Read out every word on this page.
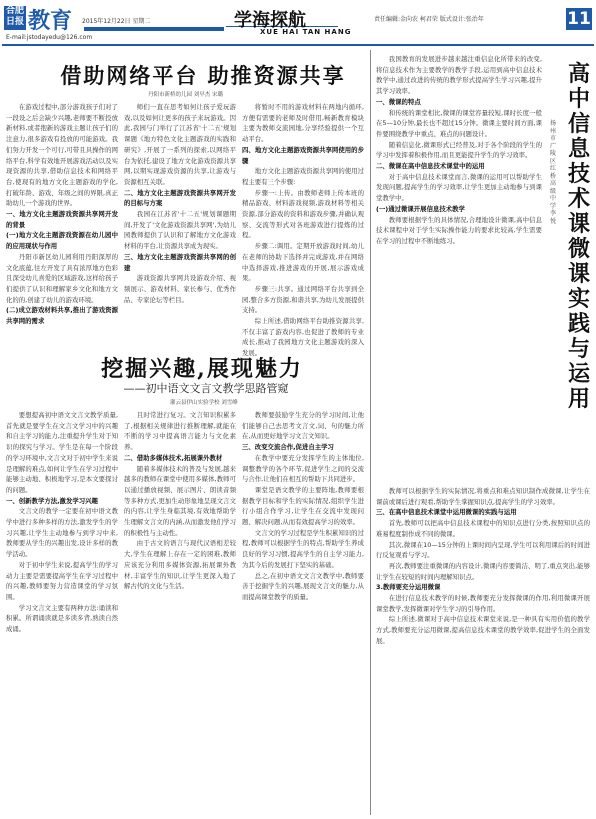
合肥日报 教育 2015年12月22日 星期二
E-mail:jstodayedu@126.com
学海探航
XUE HAI TAN HANG
责任编辑:金向农 柯君荣 版式设计:张治年	11
借助网络平台 助推资源共享
丹阳市新桥幼儿园 刘早杰 宋璐

在游戏过程中,部分游戏孩子们对了一段设之后会缺少兴趣,老师要不断投放新材料,或者抱新的游戏主题让孩子们的注意力,很多游戏有投放的可能游戏。我们努力开发一个可行,可带且具操作的网络平台,科学有效地开展游戏活动以及实现资源的共享,借助信息技术和网络平台,使现有的地方文化主题游戏的学化,打破年龄、游戏、年级之间的界限,真正助幼儿一个游戏的世界。

一、地方文化主题游戏资源共享网开发的背景

(一)地方文化主题游戏资源在幼儿园中的应用现状与作用

丹阳市新区幼儿园利用丹阳深厚的文化底蕴,往左开发了具有浓厚地方色彩且深受幼儿喜爱的区域游戏,这样给孩子们提供了认识和理解家乡文化和地方文化的的,创建了幼儿的游戏环境。

(二)成立游戏材料共享,推出了游戏资源共享网的需求

师们一直在思考如何让孩子爱玩游戏,以及如何让更多的孩子来玩游戏。因此,我园与门举行了江苏省'十二五'规划课题《地方特色文化主题游戏的实践和研究》,开展了一系列的探索,以网络平台为依托,建设了地方文化游戏资源共享网,以期实现游戏资源的共享,让游戏与资源相互关联。

二、地方文化主题游戏资源共享网开发的目标与方案

我园在江苏省'十二五'规划课题期间,开发了'文化游戏资源共享网',为幼儿园教师提供了认识和了解地方文化游戏材料的平台,让资源共享成为现实。

三、地方文化主题游戏资源共享网的创建

游戏资源共享网共设游戏介绍、视频展示、游戏材料、家长参与、优秀作品、专家论坛等栏目。

将暂时不用的游戏材料在两地内循环,方便有需要的老师及时借用,畅新教育模块主要为教师交流园地,分享经验提供一个互动平台。

四、地方文化主题游戏资源共享网使用的步骤

地方文化主题游戏资源共享网的使用过程主要有三个步骤:

步骤一:上传。由教师老师上传本班的精品游戏、材料游戏视频,游戏材料等相关资源,部分游戏的资料和游戏步骤,并确认观察、交流等形式对各班游戏进行提炼的过程。

步骤二:调用。定期开放游戏时间,幼儿在老师的协助下选择并完成游戏,并在网络中选择游戏,推进游戏的开展,展示游戏成果。

步骤三:共享。通过网络平台共享到全园,整合多方资源,和谐共享,为幼儿发展提供支持。

综上所述,借助网络平台助推资源共享,不仅丰富了游戏内容,也促进了教师的专业成长,推动了我园地方文化主题游戏的深入发展。

挖掘兴趣,展现魅力
——初中语文文言文教学思路管窥
灌云县伊山实验学校 刘雪峰

要想提高初中语文文言文教学质量,首先就是要学生在文言文学习中的兴趣和自主学习的能力,注重提升学生对于知识的探究与学习。学生是在每一个阶段的学习环境中,文言文对于初中学生来说是理解的难点,如何让学生在学习过程中能够主动地、积极地学习,是本文要探讨的问题。

一、创新教学方法,激发学习兴趣

文言文的教学一定要在初中语文教学中进行多种多样的方法,激发学生的学习兴趣,让学生主动地参与到学习中来,教师要从学生的兴趣出发,设计多样的教学活动。

对于初中学生来说,提高学生的学习动力主要是需要提高学生在学习过程中的兴趣,教师要努力营造课堂的学习氛围。

学习文言文主要有两种方法:诵读和积累。所谓诵读就是多读多背,熟读自然成诵。

且时常进行复习。文言知识积累多了,根据相关规律进行推断理解,就能在不断的学习中提高语言能力与文化素养。

二、借助多媒体技术,拓展课外教材

随着多媒体技术的普及与发展,越来越多的教师在课堂中使用多媒体,教师可以通过播放视频、展示图片、朗读音频等多种方式,更加生动形象地呈现文言文的内容,让学生身临其境,有效地帮助学生理解文言文的内涵,从而激发他们学习的积极性与主动性。

由于古文的语言与现代汉语相差较大,学生在理解上存在一定的困难,教师应该充分利用多媒体资源,拓展课外教材,丰富学生的知识,让学生更深入地了解古代的文化与生活。

教师要鼓励学生充分的学习时间,让他们能够自己去思考文言文,词、句的魅力所在,从而更好地学习文言文知识。

三、改变交流合作,促进自主学习

在教学中要充分发挥学生的主体地位,调整教学的各个环节,促进学生之间的交流与合作,让他们在相互的帮助下共同进步。

课堂是语文教学的主要阵地,教师要根据教学目标和学生的实际情况,组织学生进行小组合作学习,让学生在交流中发现问题、解决问题,从而有效提高学习的效率。

文言文的学习过程是学生积累知识的过程,教师可以根据学生的特点,帮助学生养成良好的学习习惯,提高学生的自主学习能力,为其今后的发展打下坚实的基础。

总之,在初中语文文言文教学中,教师要善于挖掘学生的兴趣,展现文言文的魅力,从而提高课堂教学的质量。

高中信息技术课微课实践与运用
扬州市广陵区红桥高级中学 李悦

我国教育的发展进步越来越注重信息化所带来的改变,将信息技术作为主要教学的教学手段,运用到高中信息技术教学中,通过改进的传统的教学形式提高学生学习兴趣,提升其学习效率。

一、微课的特点

和传统的课堂相比,微课的课堂容量较短,课时长度一般在5—10分钟,最长也不超过15分钟。微课主要时间方面,课件要围绕教学中重点、难点的问题设计。

随着信息化,微课形式已经普及,对于各个阶段的学生的学习中发挥着积极作用,而且更能提升学生的学习效率。

二、微课在高中信息技术课堂中的运用

对于高中信息技术课堂而言,微课的运用可以帮助学生发现问题,提高学生的学习效率,让学生更加主动地参与到课堂教学中。

(一)通过微课开展信息技术教学

教师要根据学生的具体情况,合理地设计微课,高中信息技术课程中对于学生实际操作能力的要求比较高,学生需要在学习的过程中不断地练习。

教师可以根据学生的实际情况,将重点和难点知识制作成微课,让学生在课前或课后进行观看,帮助学生掌握知识点,提高学生的学习效率。

三、在高中信息技术课堂中运用微课的实践与运用

首先,教师可以把高中信息技术课程中的知识点进行分类,按照知识点的难易程度制作成不同的微课。

其次,微课在10—15分钟的上课时间内呈现,学生可以利用课后的时间进行反复观看与学习。

再次,教师要注重微课的内容设计,微课内容要简洁、明了,重点突出,能够让学生在较短的时间内理解知识点。

3.教师要充分运用微课

在进行信息技术教学的时候,教师要充分发挥微课的作用,利用微课开展课堂教学,发挥微课对学生学习的引导作用。

综上所述,微课对于高中信息技术课堂来说,是一种具有实用价值的教学方式,教师要充分运用微课,提高信息技术课堂的教学效率,促进学生的全面发展。
